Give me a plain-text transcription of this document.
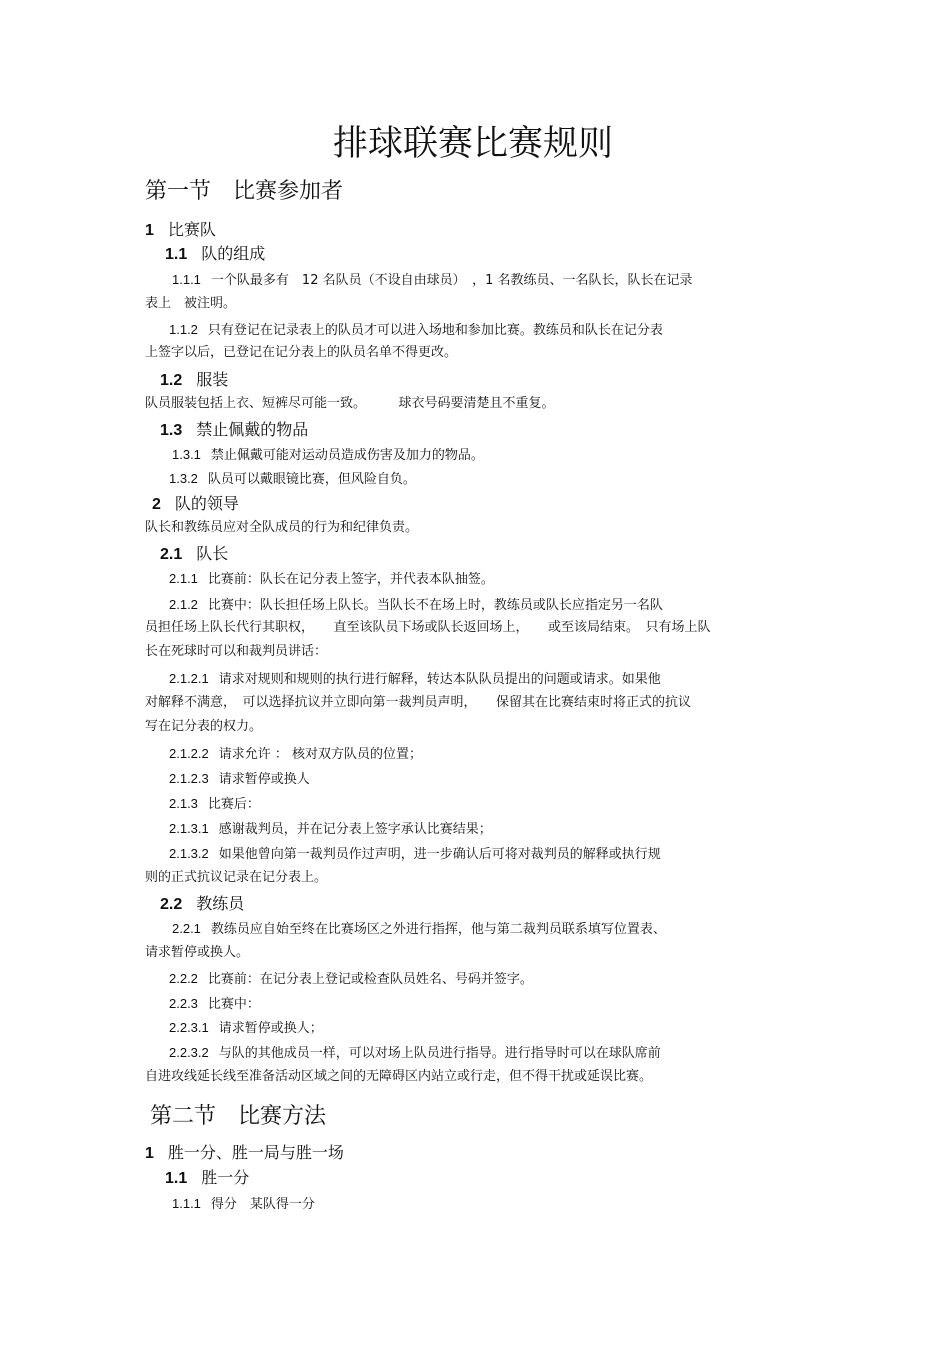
排球联赛比赛规则
第一节　比赛参加者
1 比赛队
1.1 队的组成
1.1.1 一个队最多有　12 名队员（不设自由球员）　，1 名教练员、一名队长，队长在记录
表上　被注明。
1.1.2 只有登记在记录表上的队员才可以进入场地和参加比赛。教练员和队长在记分表
上签字以后，已登记在记分表上的队员名单不得更改。
1.2 服装
队员服装包括上衣、短裤尽可能一致。　　　球衣号码要清楚且不重复。
1.3 禁止佩戴的物品
1.3.1 禁止佩戴可能对运动员造成伤害及加力的物品。
1.3.2 队员可以戴眼镜比赛，但风险自负。
2 队的领导
队长和教练员应对全队成员的行为和纪律负责。
2.1 队长
2.1.1 比赛前：队长在记分表上签字，并代表本队抽签。
2.1.2 比赛中：队长担任场上队长。当队长不在场上时，教练员或队长应指定另一名队
员担任场上队长代行其职权，　　直至该队员下场或队长返回场上，　　或至该局结束。　只有场上队
长在死球时可以和裁判员讲话：
2.1.2.1 请求对规则和规则的执行进行解释，转达本队队员提出的问题或请求。如果他
对解释不满意，　可以选择抗议并立即向第一裁判员声明，　　保留其在比赛结束时将正式的抗议
写在记分表的权力。
2.1.2.2 请求允许 ： 核对双方队员的位置；
2.1.2.3 请求暂停或换人
2.1.3 比赛后：
2.1.3.1 感谢裁判员，并在记分表上签字承认比赛结果；
2.1.3.2 如果他曾向第一裁判员作过声明，进一步确认后可将对裁判员的解释或执行规
则的正式抗议记录在记分表上。
2.2 教练员
2.2.1 教练员应自始至终在比赛场区之外进行指挥，他与第二裁判员联系填写位置表、
请求暂停或换人。
2.2.2 比赛前：在记分表上登记或检查队员姓名、号码并签字。
2.2.3 比赛中：
2.2.3.1 请求暂停或换人；
2.2.3.2 与队的其他成员一样，可以对场上队员进行指导。进行指导时可以在球队席前
自进攻线延长线至准备活动区域之间的无障碍区内站立或行走，但不得干扰或延误比赛。
第二节　比赛方法
1 胜一分、胜一局与胜一场
1.1 胜一分
1.1.1 得分　某队得一分
